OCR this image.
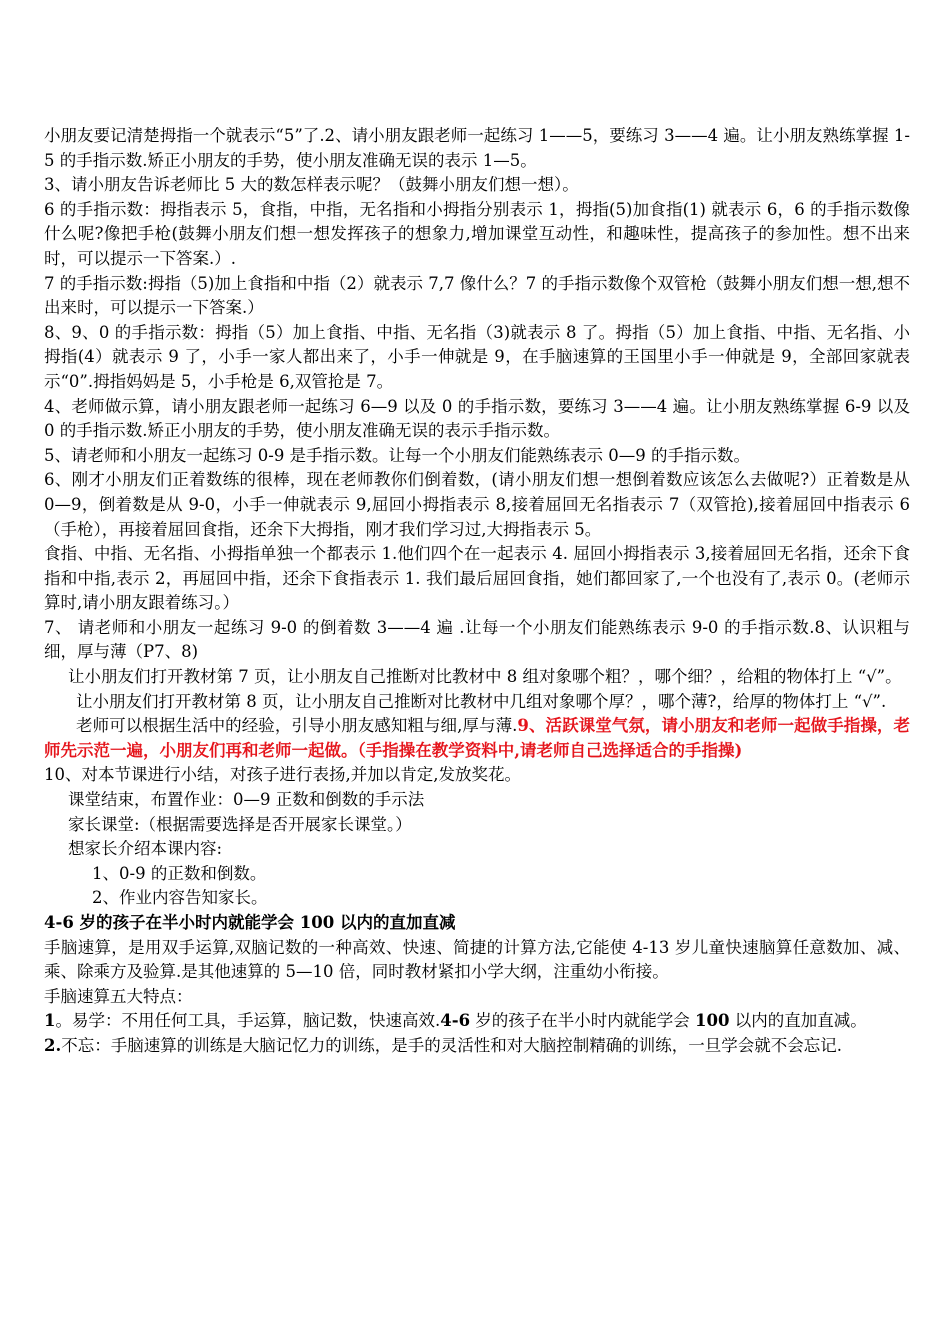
小朋友要记清楚拇指一个就表示“5”了.2、请小朋友跟老师一起练习 1——5，要练习 3——4 遍。让小朋友熟练掌握 1-5 的手指示数.矫正小朋友的手势，使小朋友准确无误的表示 1—5。

3、请小朋友告诉老师比 5 大的数怎样表示呢？（鼓舞小朋友们想一想）。

6 的手指示数：拇指表示 5，食指，中指，无名指和小拇指分别表示 1，拇指(5)加食指(1) 就表示 6，6 的手指示数像什么呢?像把手枪(鼓舞小朋友们想一想发挥孩子的想象力,增加课堂互动性，和趣味性，提高孩子的参加性。想不出来时，可以提示一下答案.）.

7 的手指示数:拇指（5)加上食指和中指（2）就表示 7,7 像什么？7 的手指示数像个双管枪（鼓舞小朋友们想一想,想不出来时，可以提示一下答案.）

8、9、0 的手指示数：拇指（5）加上食指、中指、无名指（3)就表示 8 了。拇指（5）加上食指、中指、无名指、小拇指(4）就表示 9 了，小手一家人都出来了，小手一伸就是 9，在手脑速算的王国里小手一伸就是 9，全部回家就表示“0”.拇指妈妈是 5，小手枪是 6,双管抢是 7。

4、老师做示算，请小朋友跟老师一起练习 6—9 以及 0 的手指示数，要练习 3——4 遍。让小朋友熟练掌握 6-9 以及 0 的手指示数.矫正小朋友的手势，使小朋友准确无误的表示手指示数。

5、请老师和小朋友一起练习 0-9 是手指示数。让每一个小朋友们能熟练表示 0—9 的手指示数。

6、刚才小朋友们正着数练的很棒，现在老师教你们倒着数，(请小朋友们想一想倒着数应该怎么去做呢?）正着数是从 0—9，倒着数是从 9-0，小手一伸就表示 9,屈回小拇指表示 8,接着屈回无名指表示 7（双管抢),接着屈回中指表示 6（手枪），再接着屈回食指，还余下大拇指，刚才我们学习过,大拇指表示 5。

食指、中指、无名指、小拇指单独一个都表示 1.他们四个在一起表示 4. 屈回小拇指表示 3,接着屈回无名指，还余下食指和中指,表示 2，再屈回中指，还余下食指表示 1. 我们最后屈回食指，她们都回家了,一个也没有了,表示 0。(老师示算时,请小朋友跟着练习。）

7、 请老师和小朋友一起练习 9-0 的倒着数 3——4 遍 .让每一个小朋友们能熟练表示 9-0 的手指示数.8、认识粗与细，厚与薄（P7、8)

让小朋友们打开教材第 7 页，让小朋友自己推断对比教材中 8 组对象哪个粗？，哪个细？，给粗的物体打上 “√”。

让小朋友们打开教材第 8 页，让小朋友自己推断对比教材中几组对象哪个厚？，哪个薄?，给厚的物体打上 “√”.

老师可以根据生活中的经验，引导小朋友感知粗与细,厚与薄.9、活跃课堂气氛，请小朋友和老师一起做手指操，老师先示范一遍，小朋友们再和老师一起做。（手指操在教学资料中,请老师自己选择适合的手指操)

10、对本节课进行小结，对孩子进行表扬,并加以肯定,发放奖花。

课堂结束，布置作业：0—9 正数和倒数的手示法

家长课堂:（根据需要选择是否开展家长课堂。）

想家长介绍本课内容:

1、0-9 的正数和倒数。

2、作业内容告知家长。

4-6 岁的孩子在半小时内就能学会 100 以内的直加直减

手脑速算，是用双手运算,双脑记数的一种高效、快速、简捷的计算方法,它能使 4-13 岁儿童快速脑算任意数加、减、乘、除乘方及验算.是其他速算的 5—10 倍，同时教材紧扣小学大纲，注重幼小衔接。

手脑速算五大特点：

1。易学：不用任何工具，手运算，脑记数，快速高效.4-6 岁的孩子在半小时内就能学会 100 以内的直加直减。

2.不忘：手脑速算的训练是大脑记忆力的训练，是手的灵活性和对大脑控制精确的训练，一旦学会就不会忘记.
